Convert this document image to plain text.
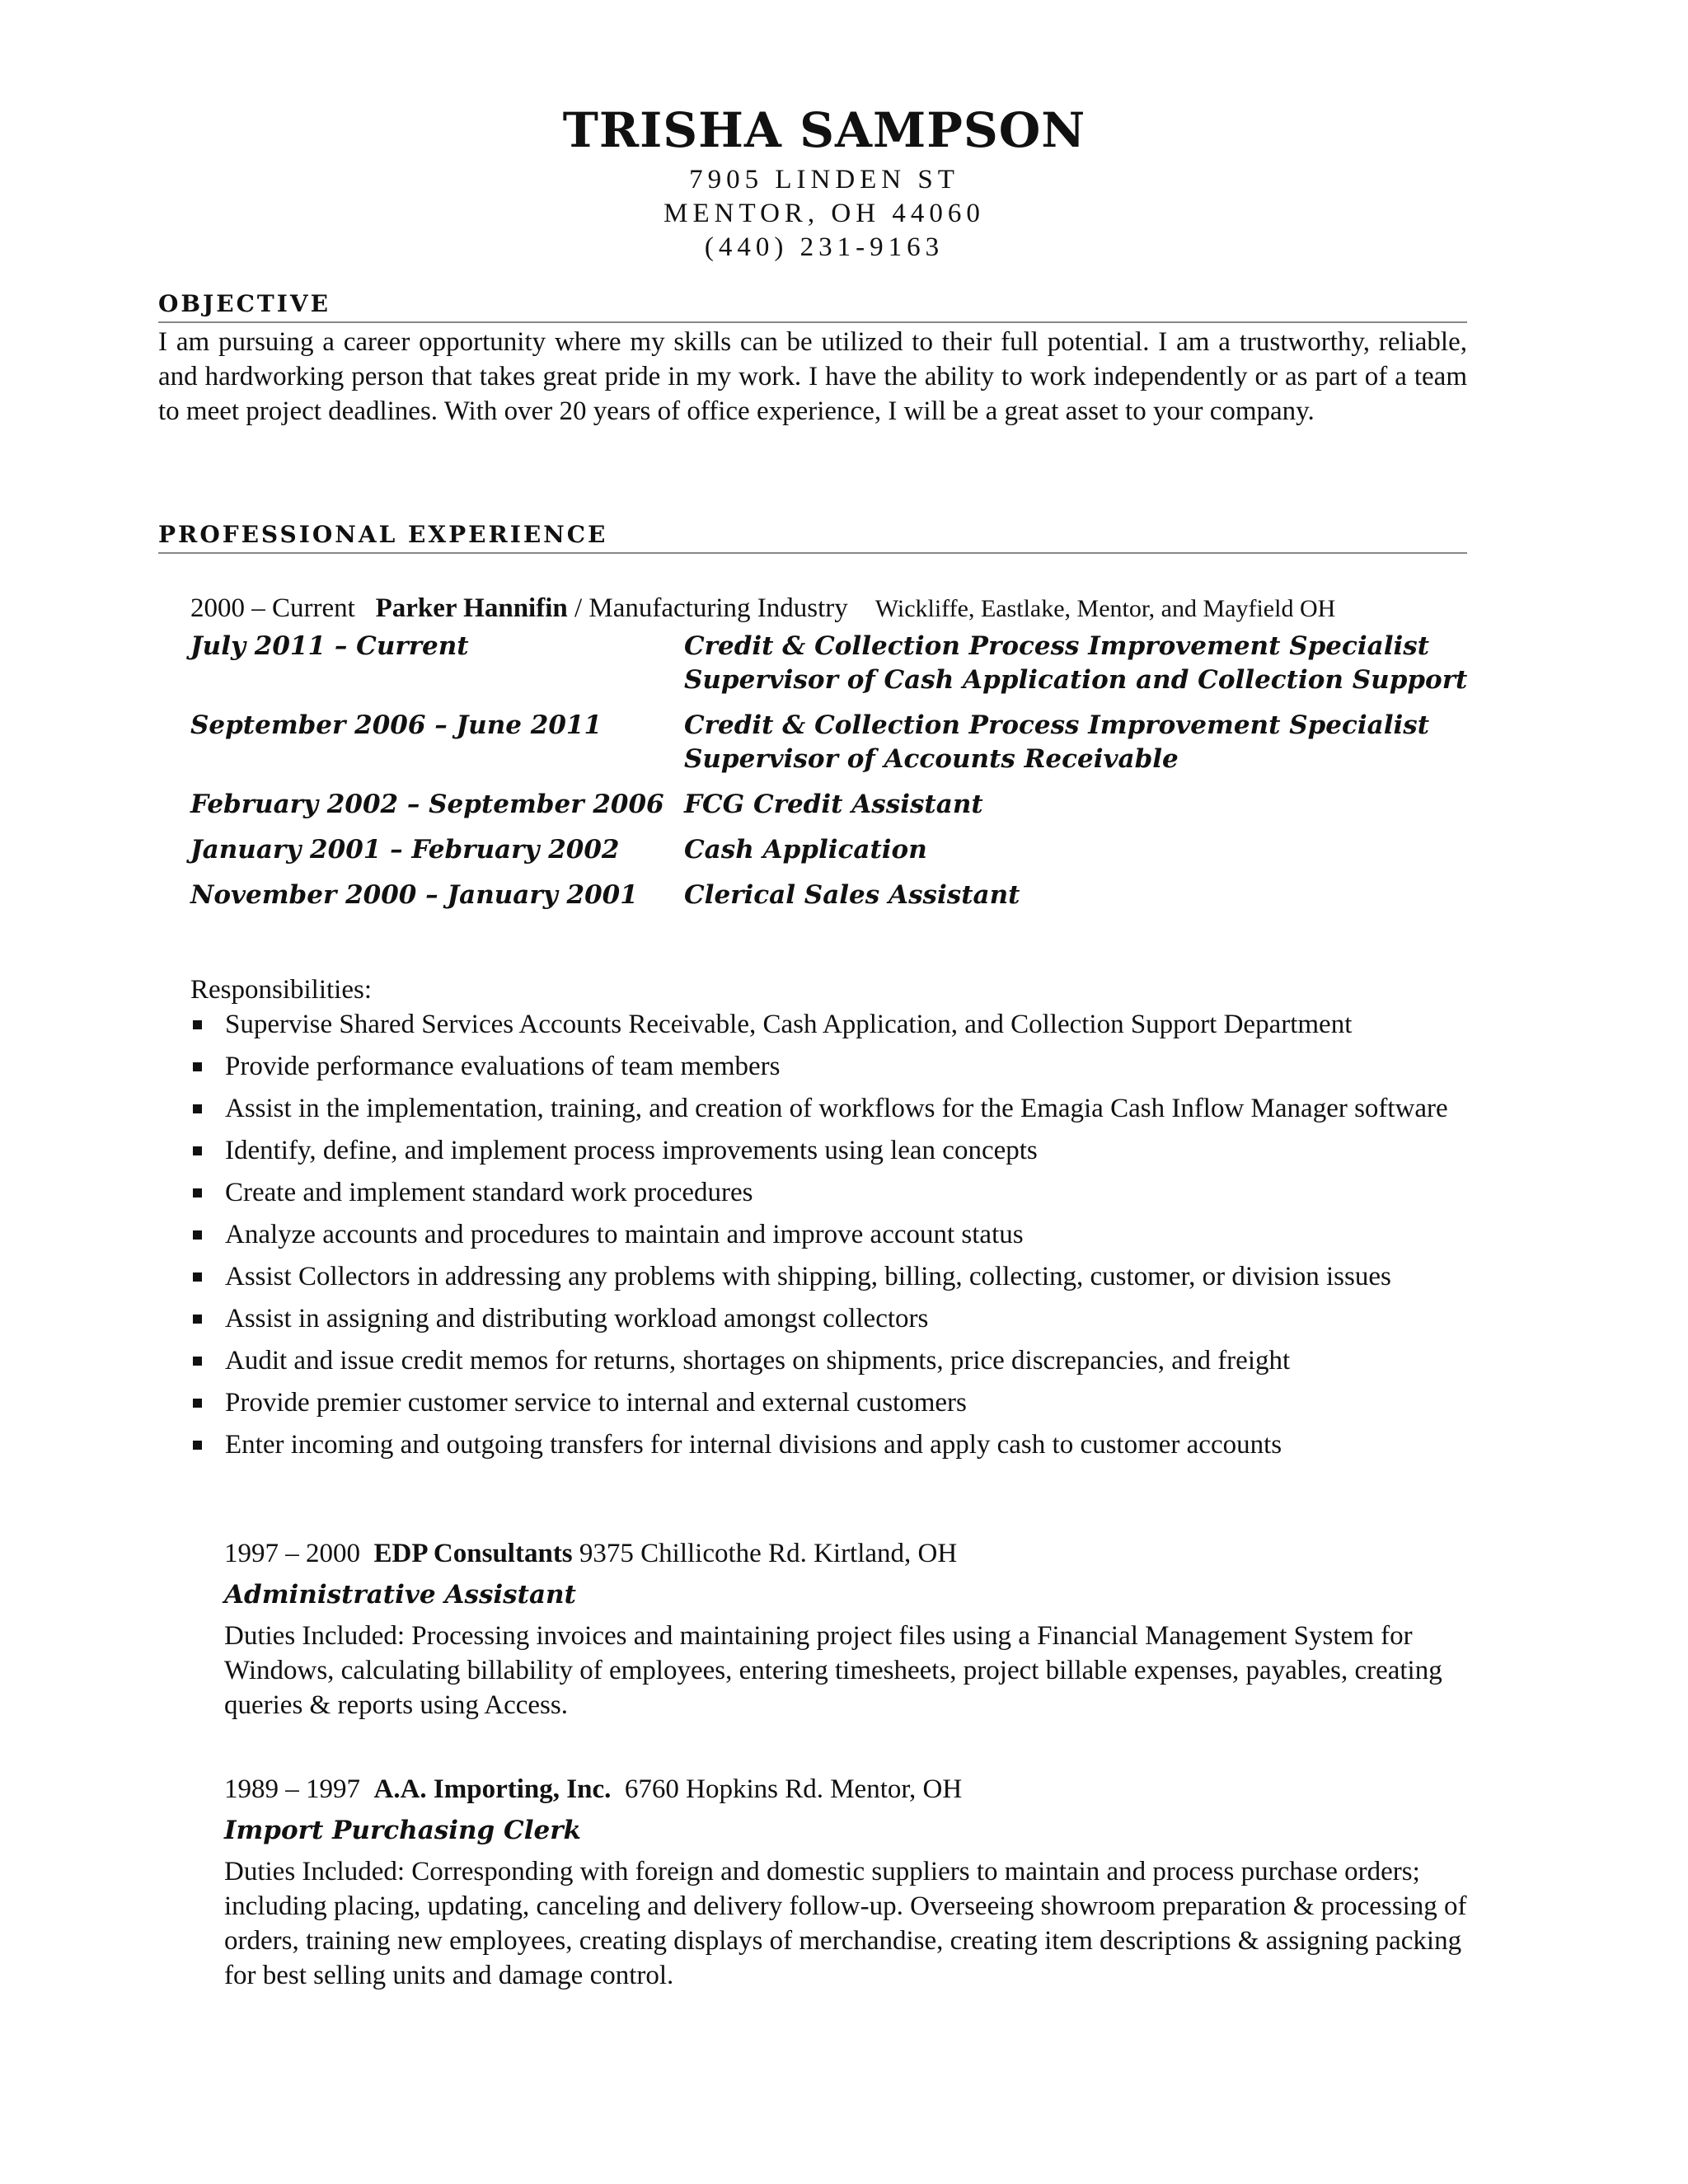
TRISHA SAMPSON
7905 LINDEN ST
MENTOR, OH 44060
(440) 231-9163
OBJECTIVE
I am pursuing a career opportunity where my skills can be utilized to their full potential. I am a trustworthy, reliable, and hardworking person that takes great pride in my work. I have the ability to work independently or as part of a team to meet project deadlines. With over 20 years of office experience, I will be a great asset to your company.
PROFESSIONAL EXPERIENCE
2000 – Current Parker Hannifin / Manufacturing Industry Wickliffe, Eastlake, Mentor, and Mayfield OH
July 2011 – Current	Credit & Collection Process Improvement Specialist
Supervisor of Cash Application and Collection Support
September 2006 – June 2011	Credit & Collection Process Improvement Specialist
Supervisor of Accounts Receivable
February 2002 – September 2006 FCG Credit Assistant
January 2001 – February 2002	Cash Application
November 2000 – January 2001 Clerical Sales Assistant
Responsibilities:
Supervise Shared Services Accounts Receivable, Cash Application, and Collection Support Department
Provide performance evaluations of team members
Assist in the implementation, training, and creation of workflows for the Emagia Cash Inflow Manager software
Identify, define, and implement process improvements using lean concepts
Create and implement standard work procedures
Analyze accounts and procedures to maintain and improve account status
Assist Collectors in addressing any problems with shipping, billing, collecting, customer, or division issues
Assist in assigning and distributing workload amongst collectors
Audit and issue credit memos for returns, shortages on shipments, price discrepancies, and freight
Provide premier customer service to internal and external customers
Enter incoming and outgoing transfers for internal divisions and apply cash to customer accounts
1997 – 2000 EDP Consultants 9375 Chillicothe Rd. Kirtland, OH
Administrative Assistant
Duties Included: Processing invoices and maintaining project files using a Financial Management System for Windows, calculating billability of employees, entering timesheets, project billable expenses, payables, creating queries & reports using Access.
1989 – 1997 A.A. Importing, Inc. 6760 Hopkins Rd. Mentor, OH
Import Purchasing Clerk
Duties Included: Corresponding with foreign and domestic suppliers to maintain and process purchase orders; including placing, updating, canceling and delivery follow-up. Overseeing showroom preparation & processing of orders, training new employees, creating displays of merchandise, creating item descriptions & assigning packing for best selling units and damage control.
